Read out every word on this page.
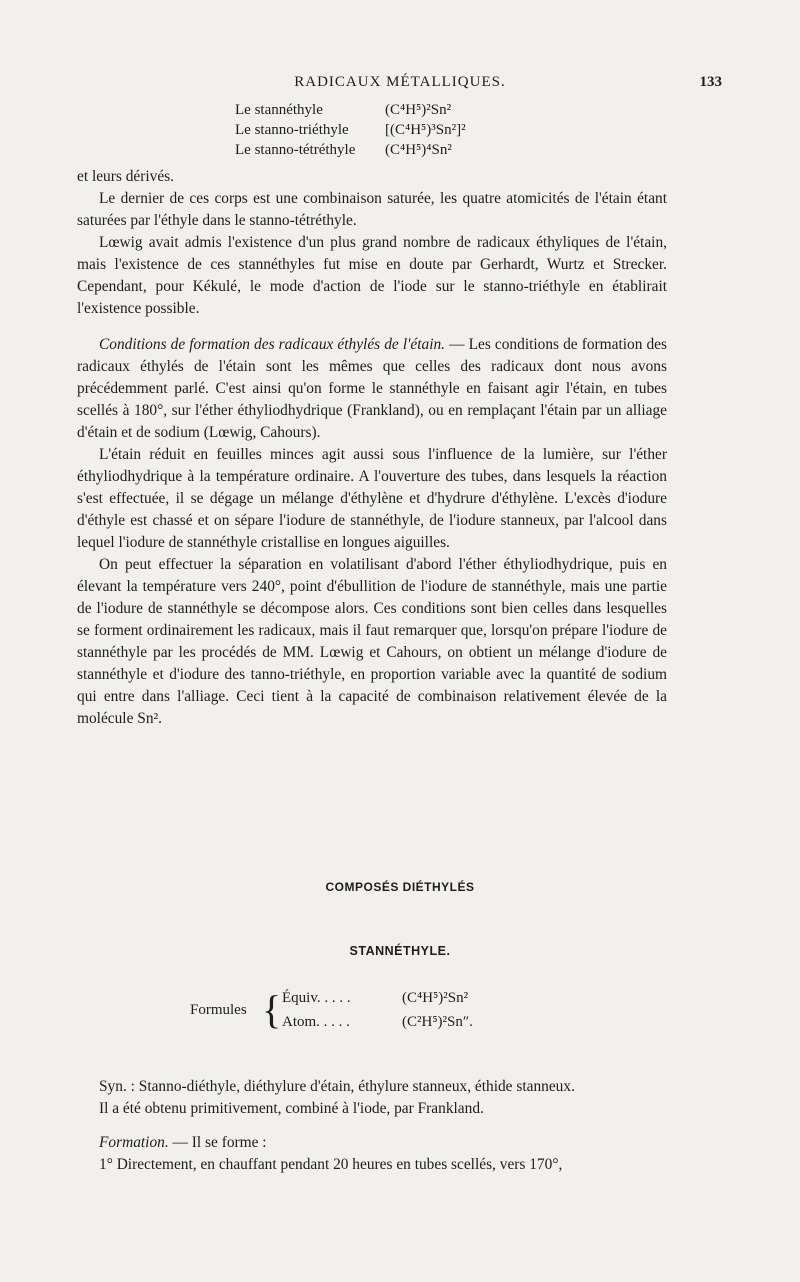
RADICAUX MÉTALLIQUES.	133
Le stannéthyle	(C⁴H⁵)²Sn²
Le stanno-triéthyle	[(C⁴H⁵)³Sn²]²
Le stanno-tétréthyle	(C⁴H⁵)⁴Sn²

et leurs dérivés.

Le dernier de ces corps est une combinaison saturée, les quatre atomicités de l'étain étant saturées par l'éthyle dans le stanno-tétréthyle.

Lœwig avait admis l'existence d'un plus grand nombre de radicaux éthyliques de l'étain, mais l'existence de ces stannéthyles fut mise en doute par Gerhardt, Wurtz et Strecker. Cependant, pour Kékulé, le mode d'action de l'iode sur le stanno-triéthyle en établirait l'existence possible.

Conditions de formation des radicaux éthylés de l'étain. — Les conditions de formation des radicaux éthylés de l'étain sont les mêmes que celles des radicaux dont nous avons précédemment parlé. C'est ainsi qu'on forme le stannéthyle en faisant agir l'étain, en tubes scellés à 180°, sur l'éther éthyliodhydrique (Frankland), ou en remplaçant l'étain par un alliage d'étain et de sodium (Lœwig, Cahours).

L'étain réduit en feuilles minces agit aussi sous l'influence de la lumière, sur l'éther éthyliodhydrique à la température ordinaire. A l'ouverture des tubes, dans lesquels la réaction s'est effectuée, il se dégage un mélange d'éthylène et d'hydrure d'éthylène. L'excès d'iodure d'éthyle est chassé et on sépare l'iodure de stannéthyle, de l'iodure stanneux, par l'alcool dans lequel l'iodure de stannéthyle cristallise en longues aiguilles.

On peut effectuer la séparation en volatilisant d'abord l'éther éthyliodhydrique, puis en élevant la température vers 240°, point d'ébullition de l'iodure de stannéthyle, mais une partie de l'iodure de stannéthyle se décompose alors. Ces conditions sont bien celles dans lesquelles se forment ordinairement les radicaux, mais il faut remarquer que, lorsqu'on prépare l'iodure de stannéthyle par les procédés de MM. Lœwig et Cahours, on obtient un mélange d'iodure de stannéthyle et d'iodure des tanno-triéthyle, en proportion variable avec la quantité de sodium qui entre dans l'alliage. Ceci tient à la capacité de combinaison relativement élevée de la molécule Sn².

COMPOSÉS DIÉTHYLÉS
STANNÉTHYLE.
Formules { Équiv. . . . .	(C⁴H⁵)²Sn²
Atom. . . . .	(C²H⁵)²Sn″.

Syn. : Stanno-diéthyle, diéthylure d'étain, éthylure stanneux, éthide stanneux.

Il a été obtenu primitivement, combiné à l'iode, par Frankland.

Formation. — Il se forme :

1° Directement, en chauffant pendant 20 heures en tubes scellés, vers 170°,
